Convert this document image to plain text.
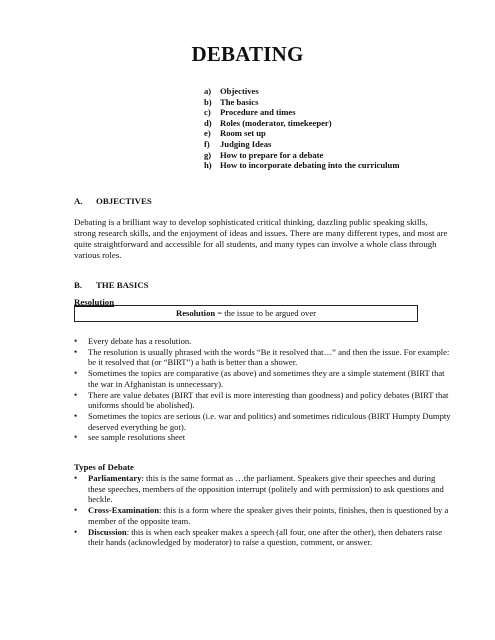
DEBATING
a)	Objectives
b) The basics
c)	Procedure and times
d) Roles (moderator, timekeeper)
e)	Room set up
f)	Judging Ideas
g)	How to prepare for a debate
h) How to incorporate debating into the curriculum
A.	OBJECTIVES
Debating is a brilliant way to develop sophisticated critical thinking, dazzling public speaking skills, strong research skills, and the enjoyment of ideas and issues. There are many different types, and most are quite straightforward and accessible for all students, and many types can involve a whole class through various roles.
B.	THE BASICS
Resolution
Resolution = the issue to be argued over
•	Every debate has a resolution.
•	The resolution is usually phrased with the words “Be it resolved that…” and then the issue. For example: be it resolved that (or “BIRT”) a bath is better than a shower.
•	Sometimes the topics are comparative (as above) and sometimes they are a simple statement (BIRT that the war in Afghanistan is unnecessary).
•	There are value debates (BIRT that evil is more interesting than goodness) and policy debates (BIRT that uniforms should be abolished).
•	Sometimes the topics are serious (i.e. war and politics) and sometimes ridiculous (BIRT Humpty Dumpty deserved everything he got).
•	see sample resolutions sheet
Types of Debate
•	Parliamentary: this is the same format as …the parliament. Speakers give their speeches and during these speeches, members of the opposition interrupt (politely and with permission) to ask questions and heckle.
•	Cross-Examination: this is a form where the speaker gives their points, finishes, then is questioned by a member of the opposite team.
•	Discussion: this is when each speaker makes a speech (all four, one after the other), then debaters raise their hands (acknowledged by moderator) to raise a question, comment, or answer.
